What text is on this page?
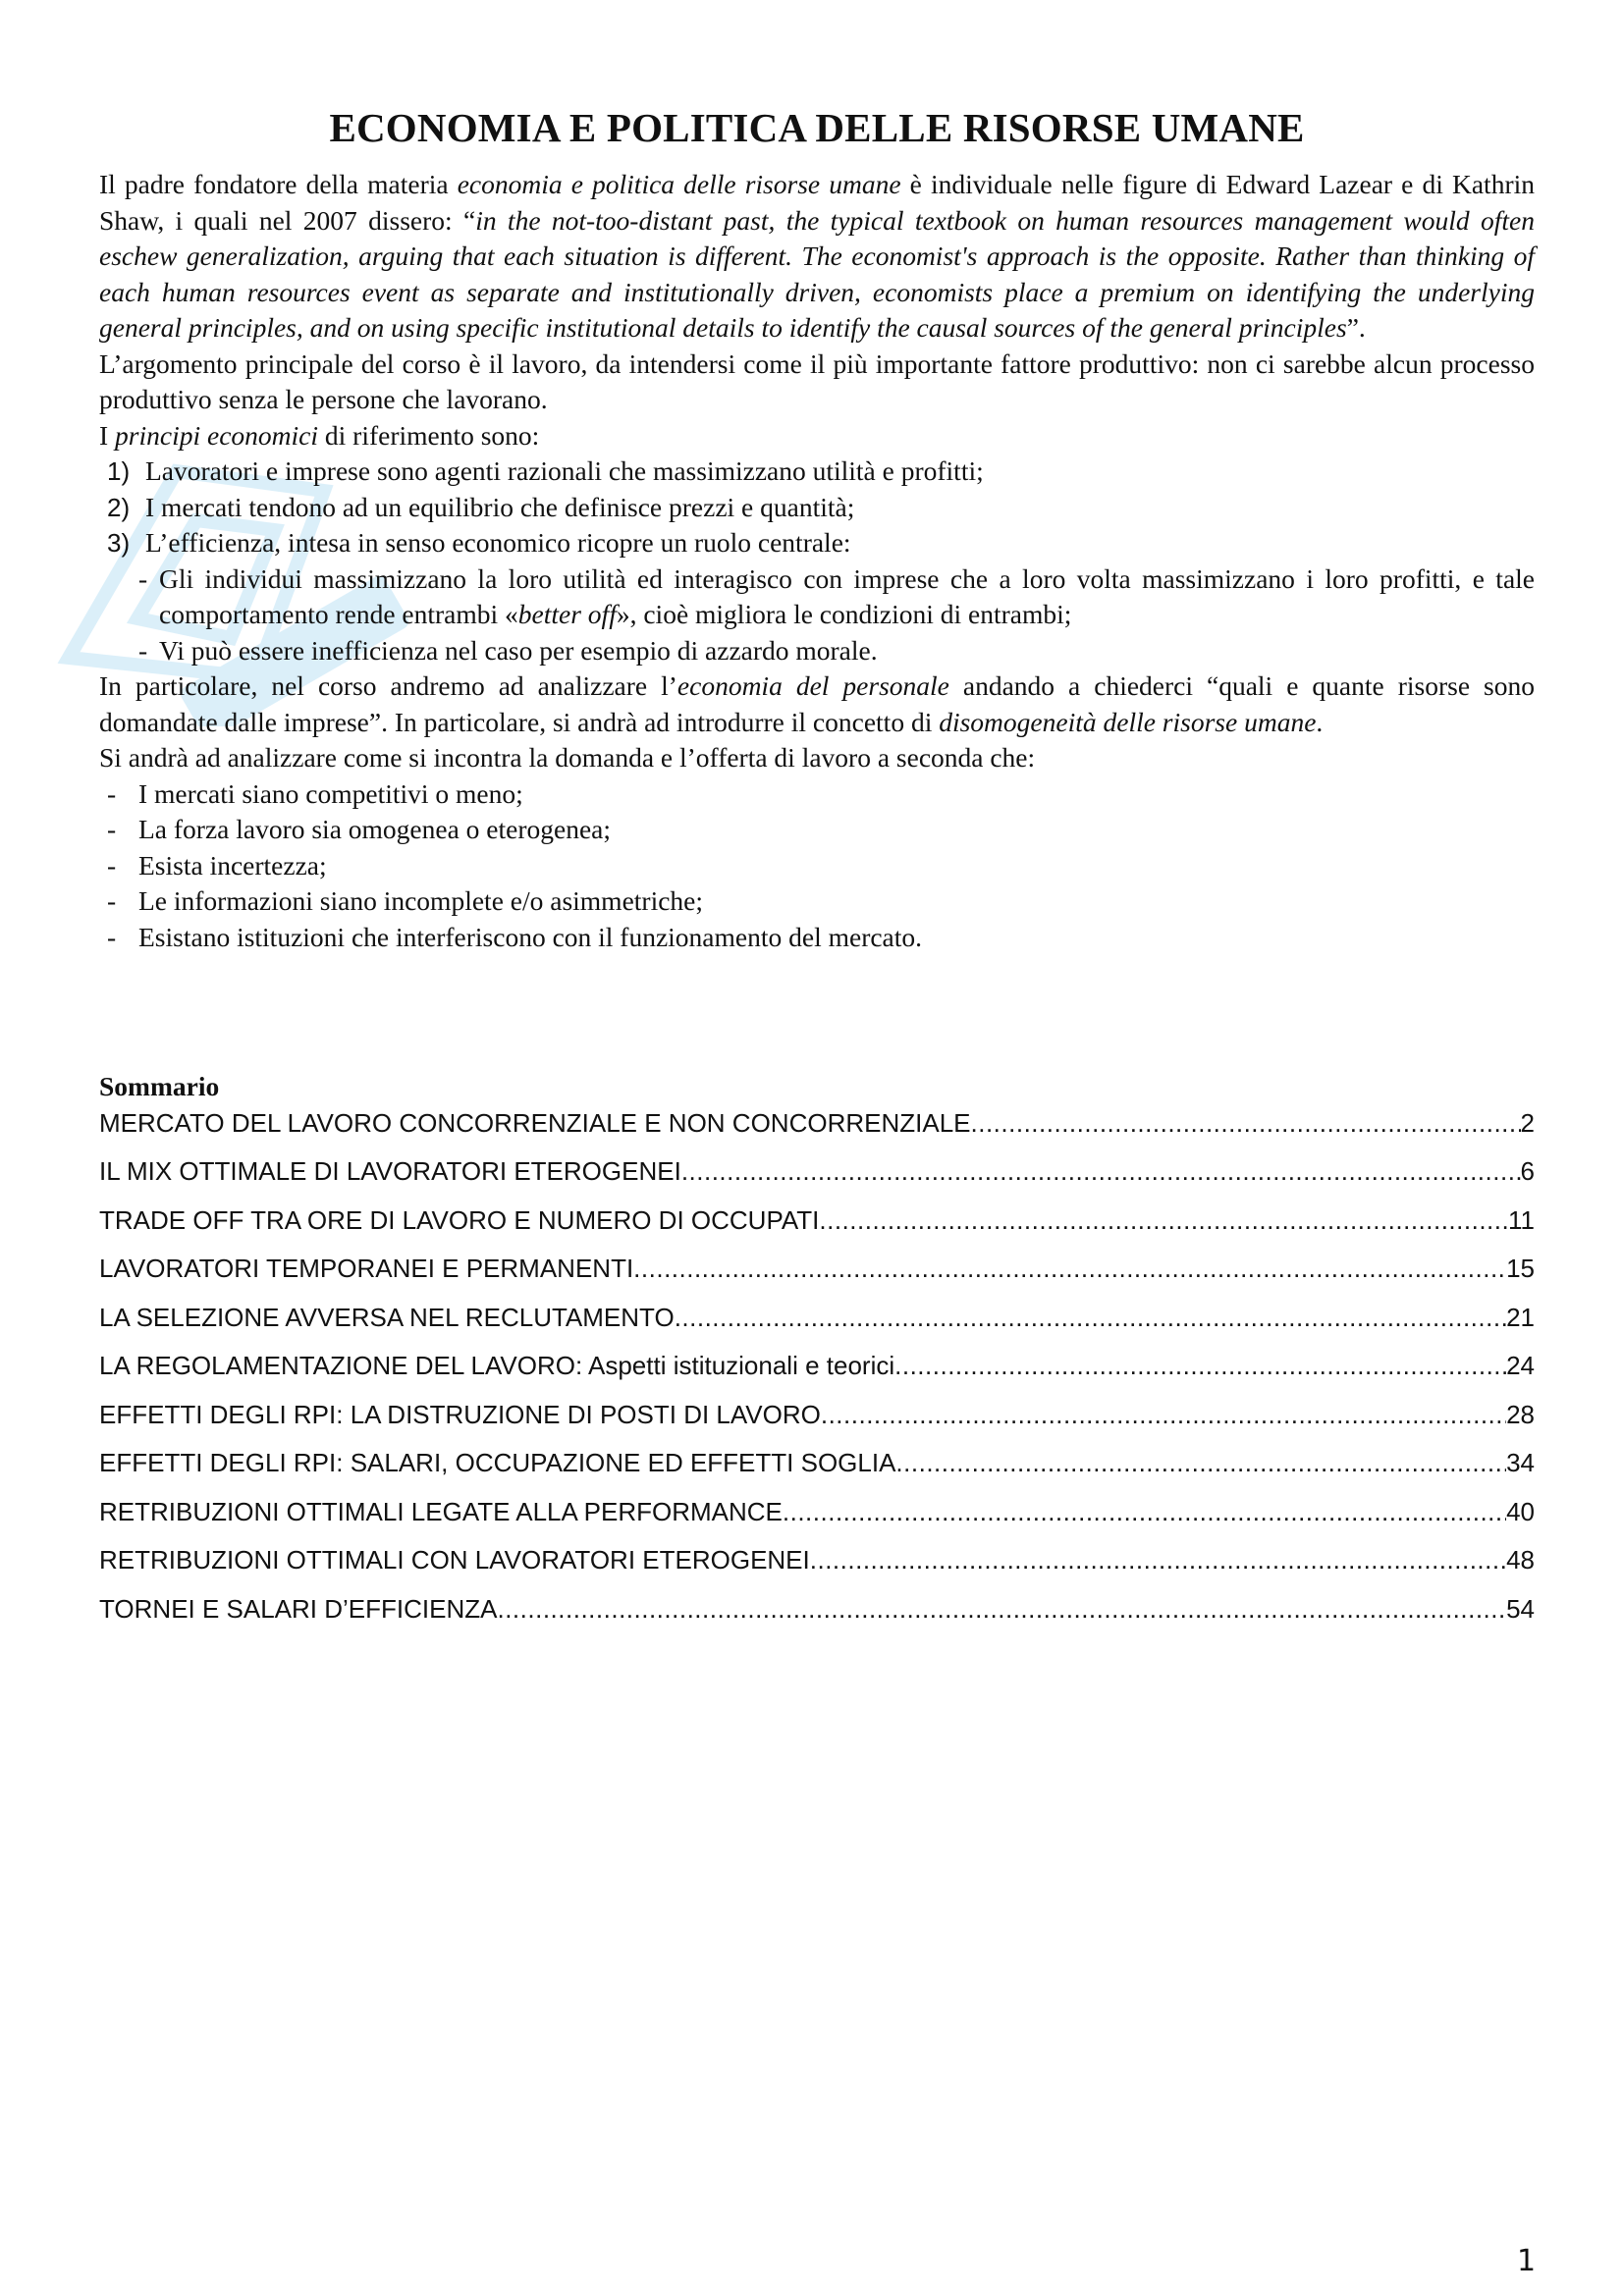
ECONOMIA E POLITICA DELLE RISORSE UMANE

Il padre fondatore della materia economia e politica delle risorse umane è individuale nelle figure di Edward Lazear e di Kathrin Shaw, i quali nel 2007 dissero: “in the not-too-distant past, the typical textbook on human resources management would often eschew generalization, arguing that each situation is different. The economist's approach is the opposite. Rather than thinking of each human resources event as separate and institutionally driven, economists place a premium on identifying the underlying general principles, and on using specific institutional details to identify the causal sources of the general principles”.

L’argomento principale del corso è il lavoro, da intendersi come il più importante fattore produttivo: non ci sarebbe alcun processo produttivo senza le persone che lavorano.

I principi economici di riferimento sono:

1) Lavoratori e imprese sono agenti razionali che massimizzano utilità e profitti;
2) I mercati tendono ad un equilibrio che definisce prezzi e quantità;
3) L’efficienza, intesa in senso economico ricopre un ruolo centrale:
- Gli individui massimizzano la loro utilità ed interagisco con imprese che a loro volta massimizzano i loro profitti, e tale comportamento rende entrambi «better off», cioè migliora le condizioni di entrambi;
- Vi può essere inefficienza nel caso per esempio di azzardo morale.

In particolare, nel corso andremo ad analizzare l’economia del personale andando a chiederci “quali e quante risorse sono domandate dalle imprese”. In particolare, si andrà ad introdurre il concetto di disomogeneità delle risorse umane.

Si andrà ad analizzare come si incontra la domanda e l’offerta di lavoro a seconda che:

- I mercati siano competitivi o meno;
- La forza lavoro sia omogenea o eterogenea;
- Esista incertezza;
- Le informazioni siano incomplete e/o asimmetriche;
- Esistano istituzioni che interferiscono con il funzionamento del mercato.
Sommario
MERCATO DEL LAVORO CONCORRENZIALE E NON CONCORRENZIALE .....	2
IL MIX OTTIMALE DI LAVORATORI ETEROGENEI .....	6
TRADE OFF TRA ORE DI LAVORO E NUMERO DI OCCUPATI .....	11
LAVORATORI TEMPORANEI E PERMANENTI .....	15
LA SELEZIONE AVVERSA NEL RECLUTAMENTO .....	21
LA REGOLAMENTAZIONE DEL LAVORO: Aspetti istituzionali e teorici .....	24
EFFETTI DEGLI RPI: LA DISTRUZIONE DI POSTI DI LAVORO .....	28
EFFETTI DEGLI RPI: SALARI, OCCUPAZIONE ED EFFETTI SOGLIA .....	34
RETRIBUZIONI OTTIMALI LEGATE ALLA PERFORMANCE .....	40
RETRIBUZIONI OTTIMALI CON LAVORATORI ETEROGENEI .....	48
TORNEI E SALARI D’EFFICIENZA .....	54
1
